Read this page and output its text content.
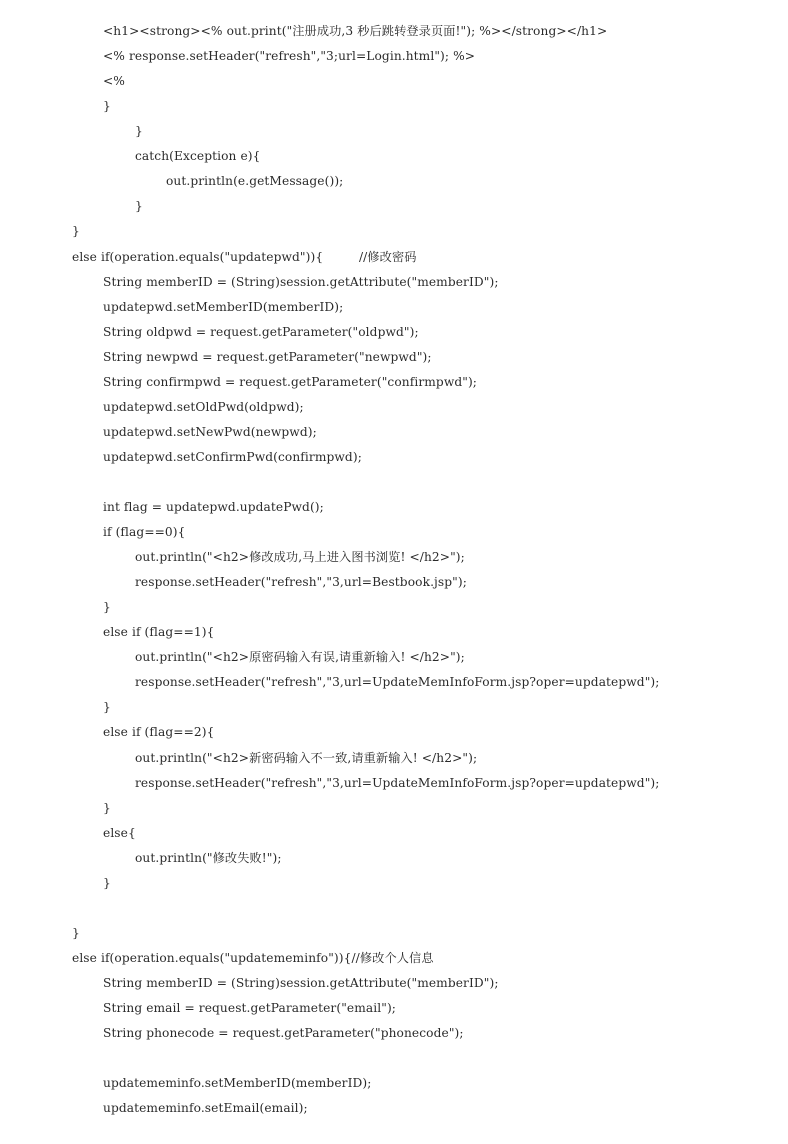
<h1><strong><% out.print("注册成功,3 秒后跳转登录页面!"); %></strong></h1>
<% response.setHeader("refresh","3;url=Login.html"); %>
<%
}
}
catch(Exception e){
out.println(e.getMessage());
}
}
else if(operation.equals("updatepwd")){         //修改密码
String memberID = (String)session.getAttribute("memberID");
updatepwd.setMemberID(memberID);
String oldpwd = request.getParameter("oldpwd");
String newpwd = request.getParameter("newpwd");
String confirmpwd = request.getParameter("confirmpwd");
updatepwd.setOldPwd(oldpwd);
updatepwd.setNewPwd(newpwd);
updatepwd.setConfirmPwd(confirmpwd);
int flag = updatepwd.updatePwd();
if (flag==0){
out.println("<h2>修改成功,马上进入图书浏览! </h2>");
response.setHeader("refresh","3,url=Bestbook.jsp");
}
else if (flag==1){
out.println("<h2>原密码输入有误,请重新输入! </h2>");
response.setHeader("refresh","3,url=UpdateMemInfoForm.jsp?oper=updatepwd");
}
else if (flag==2){
out.println("<h2>新密码输入不一致,请重新输入! </h2>");
response.setHeader("refresh","3,url=UpdateMemInfoForm.jsp?oper=updatepwd");
}
else{
out.println("修改失败!");
}
}
else if(operation.equals("updatememinfo")){//修改个人信息
String memberID = (String)session.getAttribute("memberID");
String email = request.getParameter("email");
String phonecode = request.getParameter("phonecode");
updatememinfo.setMemberID(memberID);
updatememinfo.setEmail(email);
